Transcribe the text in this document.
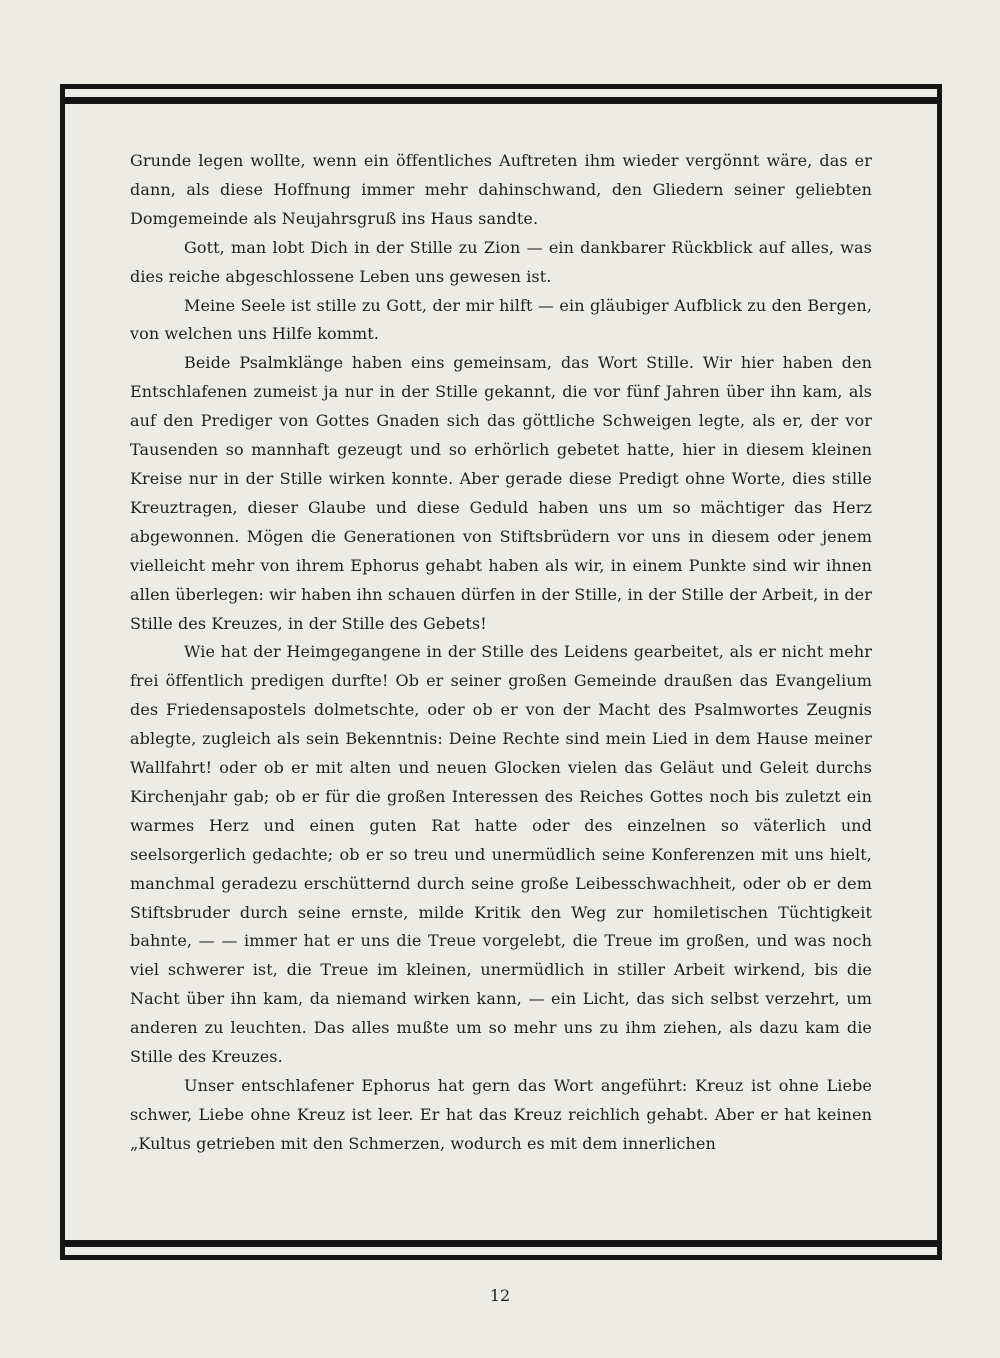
Grunde legen wollte, wenn ein öffentliches Auftreten ihm wieder vergönnt wäre, das er dann, als diese Hoffnung immer mehr dahinschwand, den Gliedern seiner geliebten Domgemeinde als Neujahrsgruß ins Haus sandte.

Gott, man lobt Dich in der Stille zu Zion — ein dankbarer Rückblick auf alles, was dies reiche abgeschlossene Leben uns gewesen ist.

Meine Seele ist stille zu Gott, der mir hilft — ein gläubiger Aufblick zu den Bergen, von welchen uns Hilfe kommt.

Beide Psalmklänge haben eins gemeinsam, das Wort Stille. Wir hier haben den Entschlafenen zumeist ja nur in der Stille gekannt, die vor fünf Jahren über ihn kam, als auf den Prediger von Gottes Gnaden sich das göttliche Schweigen legte, als er, der vor Tausenden so mannhaft gezeugt und so erhörlich gebetet hatte, hier in diesem kleinen Kreise nur in der Stille wirken konnte. Aber gerade diese Predigt ohne Worte, dies stille Kreuztragen, dieser Glaube und diese Geduld haben uns um so mächtiger das Herz abgewonnen. Mögen die Generationen von Stiftsbrüdern vor uns in diesem oder jenem vielleicht mehr von ihrem Ephorus gehabt haben als wir, in einem Punkte sind wir ihnen allen überlegen: wir haben ihn schauen dürfen in der Stille, in der Stille der Arbeit, in der Stille des Kreuzes, in der Stille des Gebets!

Wie hat der Heimgegangene in der Stille des Leidens gearbeitet, als er nicht mehr frei öffentlich predigen durfte! Ob er seiner großen Gemeinde draußen das Evangelium des Friedensapostels dolmetschte, oder ob er von der Macht des Psalmwortes Zeugnis ablegte, zugleich als sein Bekenntnis: Deine Rechte sind mein Lied in dem Hause meiner Wallfahrt! oder ob er mit alten und neuen Glocken vielen das Geläut und Geleit durchs Kirchenjahr gab; ob er für die großen Interessen des Reiches Gottes noch bis zuletzt ein warmes Herz und einen guten Rat hatte oder des einzelnen so väterlich und seelsorgerlich gedachte; ob er so treu und unermüdlich seine Konferenzen mit uns hielt, manchmal geradezu erschütternd durch seine große Leibesschwachheit, oder ob er dem Stiftsbruder durch seine ernste, milde Kritik den Weg zur homiletischen Tüchtigkeit bahnte, — — immer hat er uns die Treue vorgelebt, die Treue im großen, und was noch viel schwerer ist, die Treue im kleinen, unermüdlich in stiller Arbeit wirkend, bis die Nacht über ihn kam, da niemand wirken kann, — ein Licht, das sich selbst verzehrt, um anderen zu leuchten. Das alles mußte um so mehr uns zu ihm ziehen, als dazu kam die Stille des Kreuzes.

Unser entschlafener Ephorus hat gern das Wort angeführt: Kreuz ist ohne Liebe schwer, Liebe ohne Kreuz ist leer. Er hat das Kreuz reichlich gehabt. Aber er hat keinen „Kultus getrieben mit den Schmerzen, wodurch es mit dem innerlichen

12
